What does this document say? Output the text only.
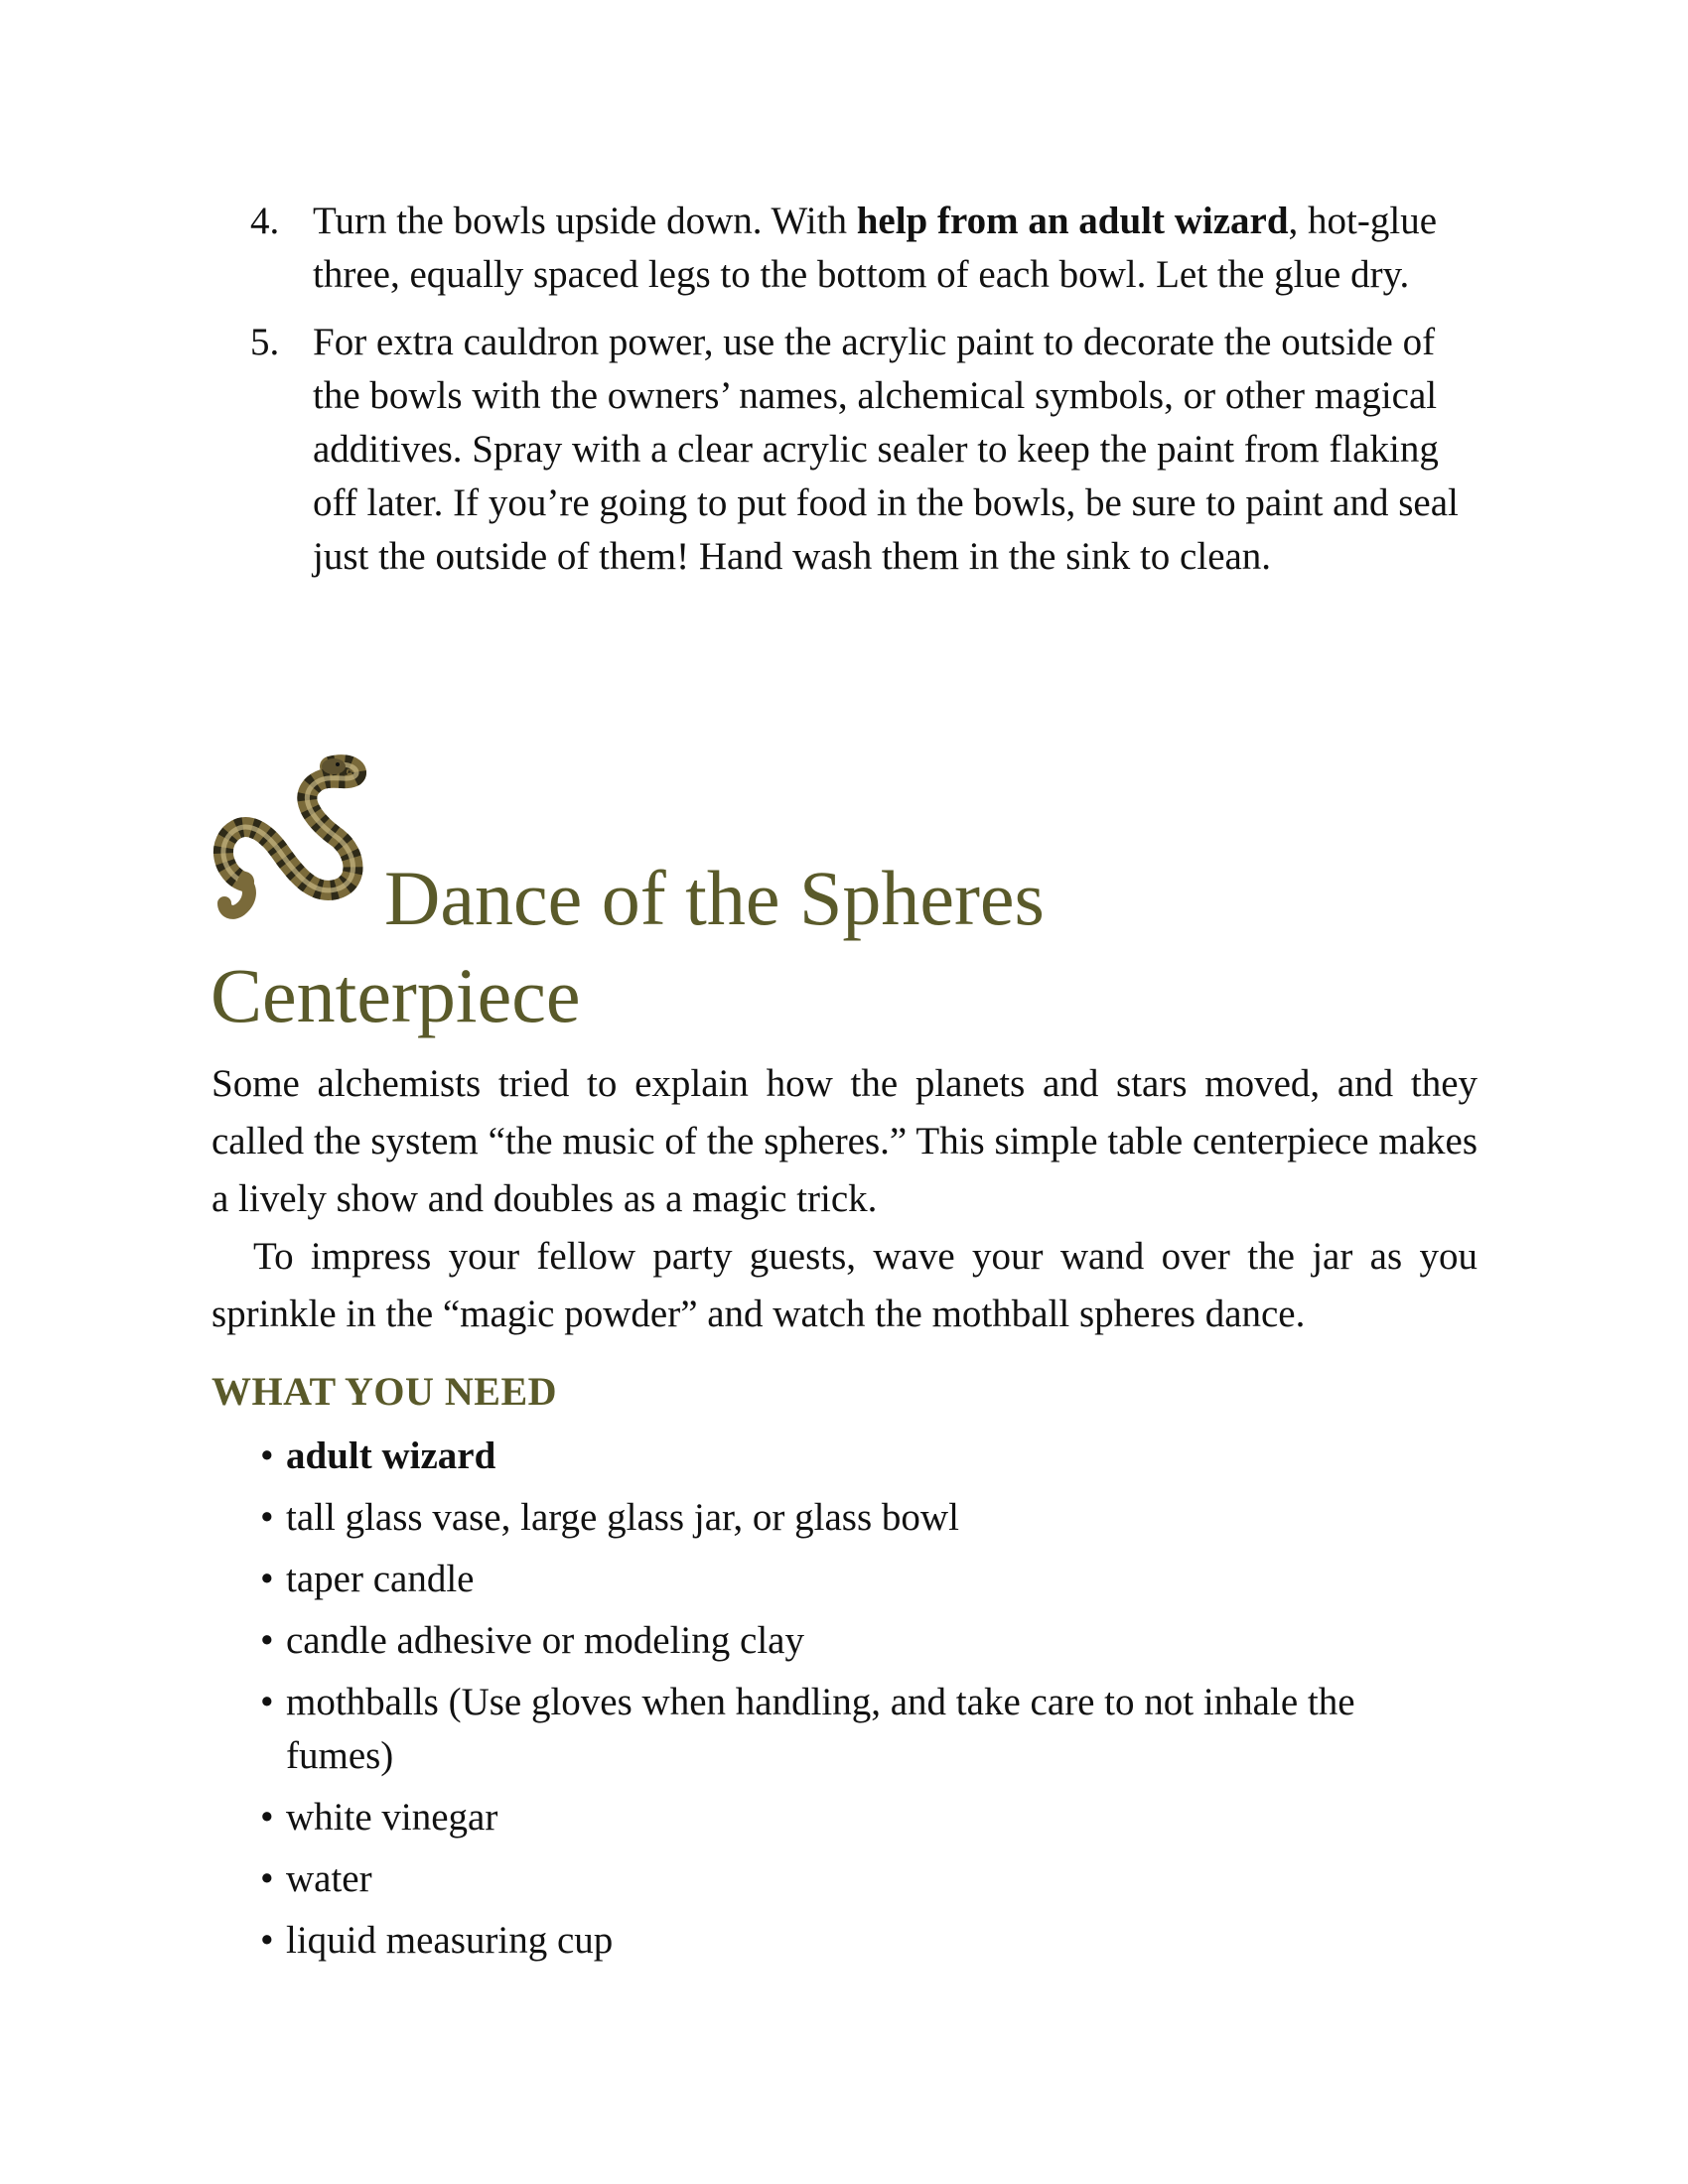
4. Turn the bowls upside down. With help from an adult wizard, hot-glue three, equally spaced legs to the bottom of each bowl. Let the glue dry.
5. For extra cauldron power, use the acrylic paint to decorate the outside of the bowls with the owners’ names, alchemical symbols, or other magical additives. Spray with a clear acrylic sealer to keep the paint from flaking off later. If you’re going to put food in the bowls, be sure to paint and seal just the outside of them! Hand wash them in the sink to clean.
Dance of the Spheres
Centerpiece

Some alchemists tried to explain how the planets and stars moved, and they called the system “the music of the spheres.” This simple table centerpiece makes a lively show and doubles as a magic trick.

To impress your fellow party guests, wave your wand over the jar as you sprinkle in the “magic powder” and watch the mothball spheres dance.

WHAT YOU NEED
• adult wizard
• tall glass vase, large glass jar, or glass bowl
• taper candle
• candle adhesive or modeling clay
• mothballs (Use gloves when handling, and take care to not inhale the fumes)
• white vinegar
• water
• liquid measuring cup
